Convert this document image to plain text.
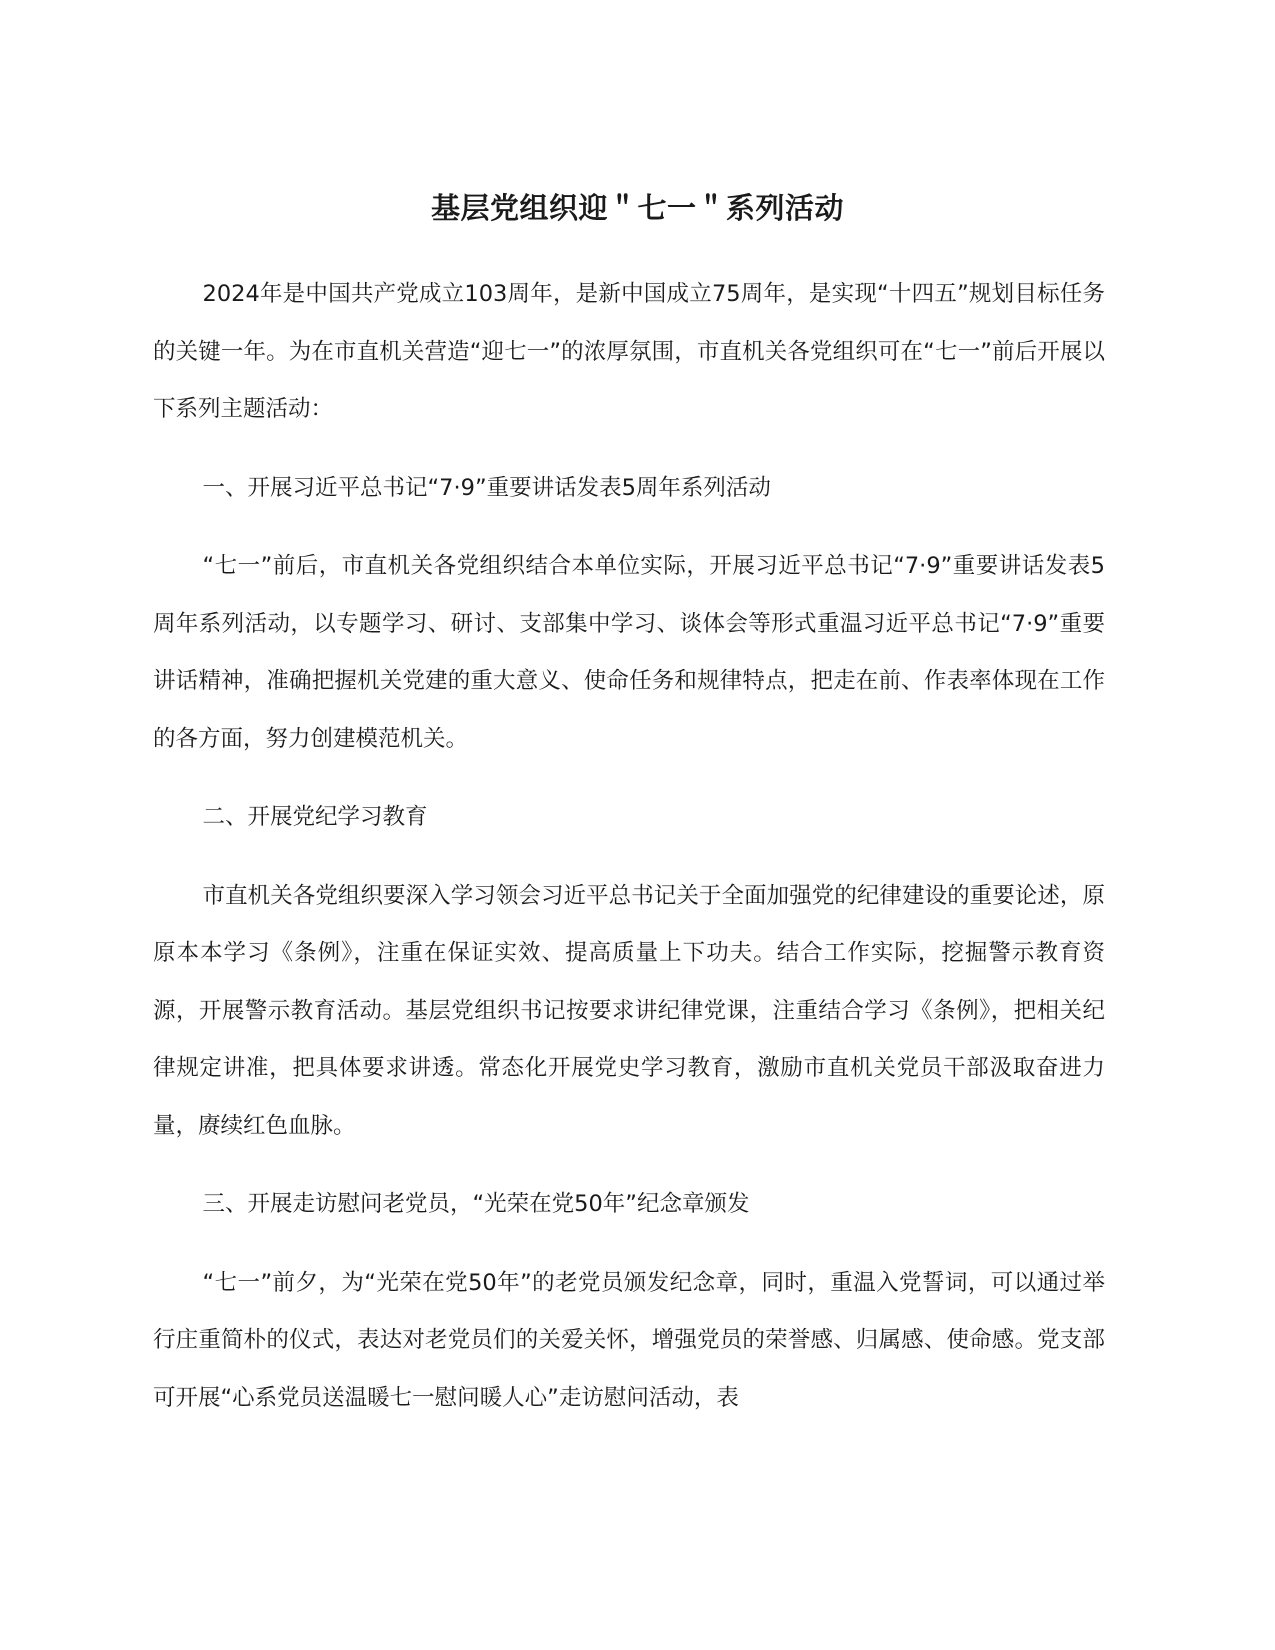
基层党组织迎＂七一＂系列活动

2024年是中国共产党成立103周年，是新中国成立75周年，是实现“十四五”规划目标任务的关键一年。为在市直机关营造“迎七一”的浓厚氛围，市直机关各党组织可在“七一”前后开展以下系列主题活动：

一、开展习近平总书记“7·9”重要讲话发表5周年系列活动

“七一”前后，市直机关各党组织结合本单位实际，开展习近平总书记“7·9”重要讲话发表5周年系列活动，以专题学习、研讨、支部集中学习、谈体会等形式重温习近平总书记“7·9”重要讲话精神，准确把握机关党建的重大意义、使命任务和规律特点，把走在前、作表率体现在工作的各方面，努力创建模范机关。

二、开展党纪学习教育

市直机关各党组织要深入学习领会习近平总书记关于全面加强党的纪律建设的重要论述，原原本本学习《条例》，注重在保证实效、提高质量上下功夫。结合工作实际，挖掘警示教育资源，开展警示教育活动。基层党组织书记按要求讲纪律党课，注重结合学习《条例》，把相关纪律规定讲准，把具体要求讲透。常态化开展党史学习教育，激励市直机关党员干部汲取奋进力量，赓续红色血脉。

三、开展走访慰问老党员，“光荣在党50年”纪念章颁发

“七一”前夕，为“光荣在党50年”的老党员颁发纪念章，同时，重温入党誓词，可以通过举行庄重简朴的仪式，表达对老党员们的关爱关怀，增强党员的荣誉感、归属感、使命感。党支部可开展“心系党员送温暖七一慰问暖人心”走访慰问活动，表
